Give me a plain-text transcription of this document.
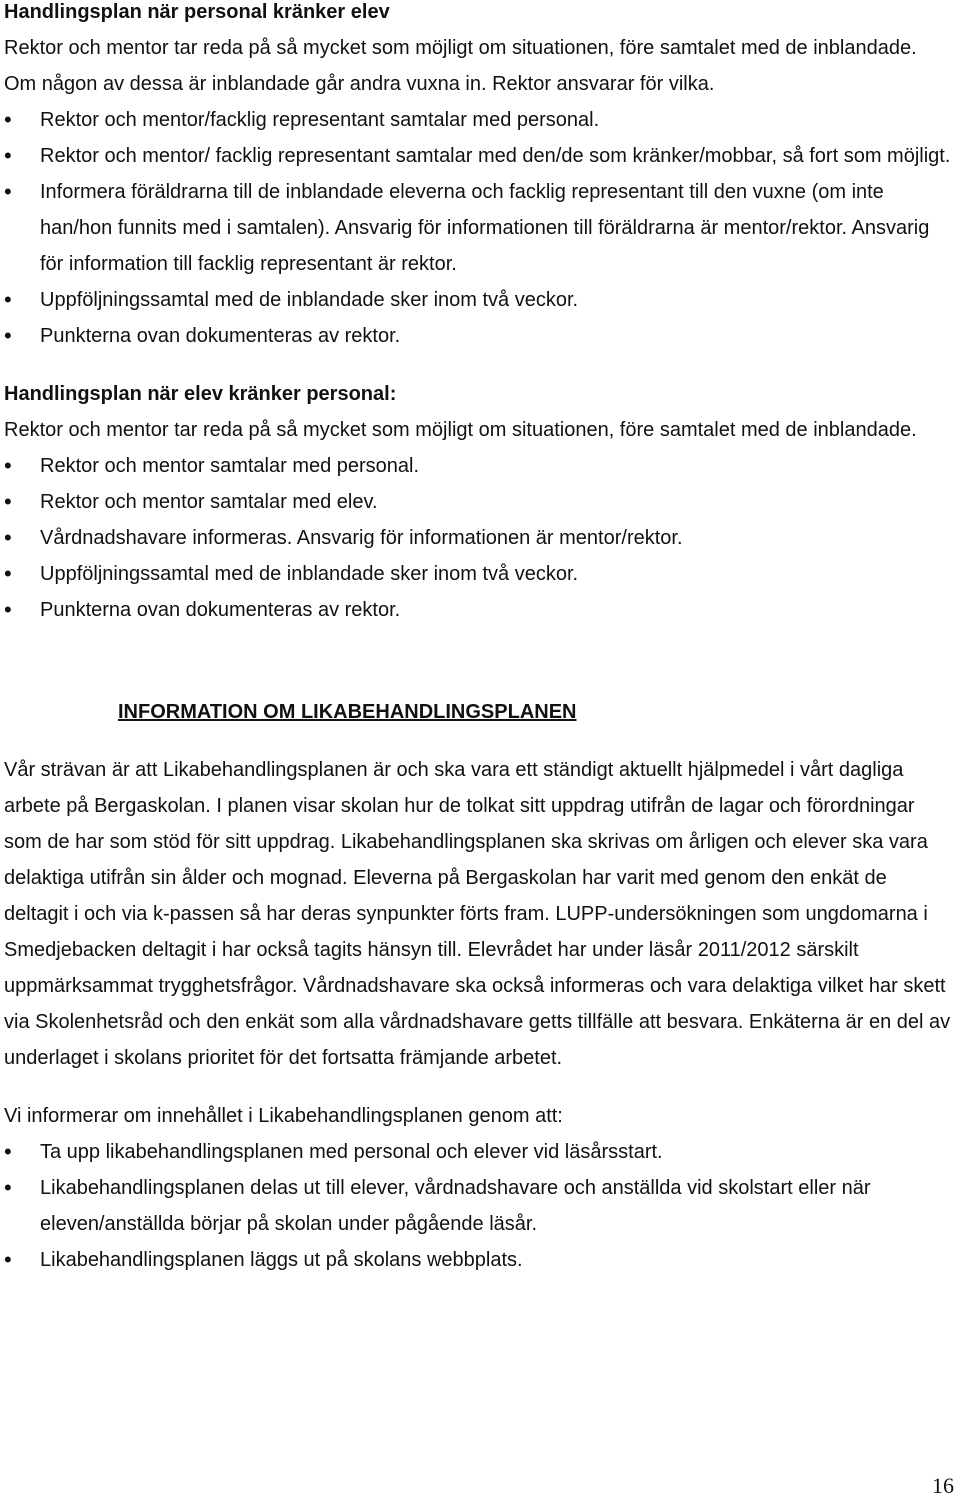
Handlingsplan när personal kränker elev

Rektor och mentor tar reda på så mycket som möjligt om situationen, före samtalet med de inblandade. Om någon av dessa är inblandade går andra vuxna in. Rektor ansvarar för vilka.

• Rektor och mentor/facklig representant samtalar med personal.
• Rektor och mentor/ facklig representant samtalar med den/de som kränker/mobbar, så fort som möjligt.
• Informera föräldrarna till de inblandade eleverna och facklig representant till den vuxne (om inte han/hon funnits med i samtalen). Ansvarig för informationen till föräldrarna är mentor/rektor. Ansvarig för information till facklig representant är rektor.
• Uppföljningssamtal med de inblandade sker inom två veckor.
• Punkterna ovan dokumenteras av rektor.

Handlingsplan när elev kränker personal:

Rektor och mentor tar reda på så mycket som möjligt om situationen, före samtalet med de inblandade.

• Rektor och mentor samtalar med personal.
• Rektor och mentor samtalar med elev.
• Vårdnadshavare informeras. Ansvarig för informationen är mentor/rektor.
• Uppföljningssamtal med de inblandade sker inom två veckor.
• Punkterna ovan dokumenteras av rektor.

INFORMATION OM LIKABEHANDLINGSPLANEN

Vår strävan är att Likabehandlingsplanen är och ska vara ett ständigt aktuellt hjälpmedel i vårt dagliga arbete på Bergaskolan. I planen visar skolan hur de tolkat sitt uppdrag utifrån de lagar och förordningar som de har som stöd för sitt uppdrag. Likabehandlingsplanen ska skrivas om årligen och elever ska vara delaktiga utifrån sin ålder och mognad. Eleverna på Bergaskolan har varit med genom den enkät de deltagit i och via k-passen så har deras synpunkter förts fram. LUPP-undersökningen som ungdomarna i Smedjebacken deltagit i har också tagits hänsyn till. Elevrådet har under läsår 2011/2012 särskilt uppmärksammat trygghetsfrågor. Vårdnadshavare ska också informeras och vara delaktiga vilket har skett via Skolenhetsråd och den enkät som alla vårdnadshavare getts tillfälle att besvara. Enkäterna är en del av underlaget i skolans prioritet för det fortsatta främjande arbetet.

Vi informerar om innehållet i Likabehandlingsplanen genom att:

• Ta upp likabehandlingsplanen med personal och elever vid läsårsstart.
• Likabehandlingsplanen delas ut till elever, vårdnadshavare och anställda vid skolstart eller när eleven/anställda börjar på skolan under pågående läsår.
• Likabehandlingsplanen läggs ut på skolans webbplats.
16
